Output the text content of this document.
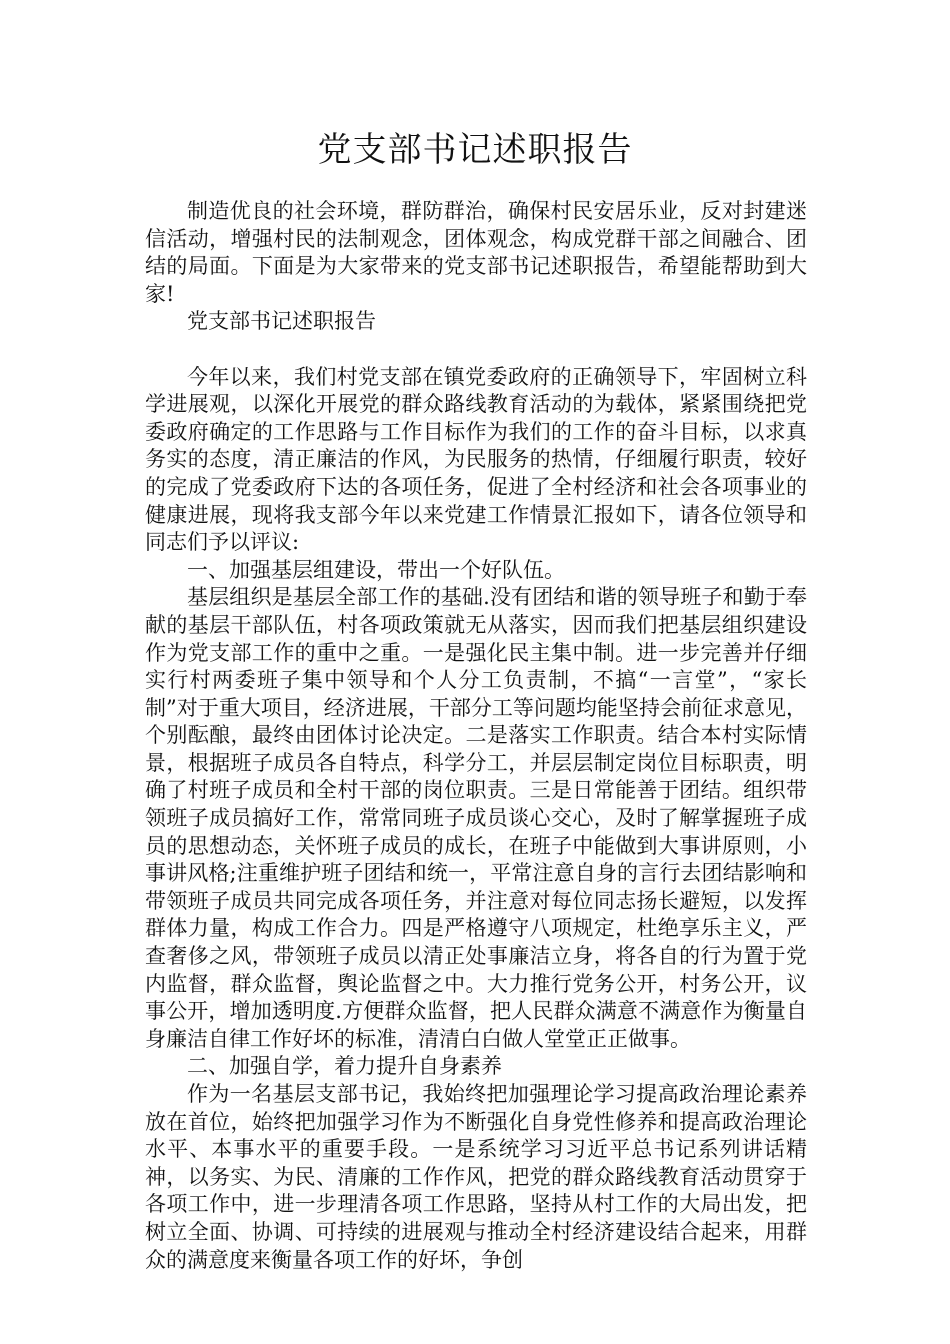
党支部书记述职报告

制造优良的社会环境，群防群治，确保村民安居乐业，反对封建迷信活动，增强村民的法制观念，团体观念，构成党群干部之间融合、团结的局面。下面是为大家带来的党支部书记述职报告，希望能帮助到大家!

党支部书记述职报告

今年以来，我们村党支部在镇党委政府的正确领导下，牢固树立科学进展观，以深化开展党的群众路线教育活动的为载体，紧紧围绕把党委政府确定的工作思路与工作目标作为我们的工作的奋斗目标，以求真务实的态度，清正廉洁的作风，为民服务的热情，仔细履行职责，较好的完成了党委政府下达的各项任务，促进了全村经济和社会各项事业的健康进展，现将我支部今年以来党建工作情景汇报如下，请各位领导和同志们予以评议:

一、加强基层组建设，带出一个好队伍。

基层组织是基层全部工作的基础.没有团结和谐的领导班子和勤于奉献的基层干部队伍，村各项政策就无从落实，因而我们把基层组织建设作为党支部工作的重中之重。一是强化民主集中制。进一步完善并仔细实行村两委班子集中领导和个人分工负责制，不搞“一言堂”，“家长制”对于重大项目，经济进展，干部分工等问题均能坚持会前征求意见，个别酝酿，最终由团体讨论决定。二是落实工作职责。结合本村实际情景，根据班子成员各自特点，科学分工，并层层制定岗位目标职责，明确了村班子成员和全村干部的岗位职责。三是日常能善于团结。组织带领班子成员搞好工作，常常同班子成员谈心交心，及时了解掌握班子成员的思想动态，关怀班子成员的成长，在班子中能做到大事讲原则，小事讲风格;注重维护班子团结和统一，平常注意自身的言行去团结影响和带领班子成员共同完成各项任务，并注意对每位同志扬长避短，以发挥群体力量，构成工作合力。四是严格遵守八项规定，杜绝享乐主义，严查奢侈之风，带领班子成员以清正处事廉洁立身，将各自的行为置于党内监督，群众监督，舆论监督之中。大力推行党务公开，村务公开，议事公开，增加透明度.方便群众监督，把人民群众满意不满意作为衡量自身廉洁自律工作好坏的标准，清清白白做人堂堂正正做事。

二、加强自学，着力提升自身素养

作为一名基层支部书记，我始终把加强理论学习提高政治理论素养放在首位，始终把加强学习作为不断强化自身党性修养和提高政治理论水平、本事水平的重要手段。一是系统学习习近平总书记系列讲话精神，以务实、为民、清廉的工作作风，把党的群众路线教育活动贯穿于各项工作中，进一步理清各项工作思路，坚持从村工作的大局出发，把树立全面、协调、可持续的进展观与推动全村经济建设结合起来，用群众的满意度来衡量各项工作的好坏，争创
